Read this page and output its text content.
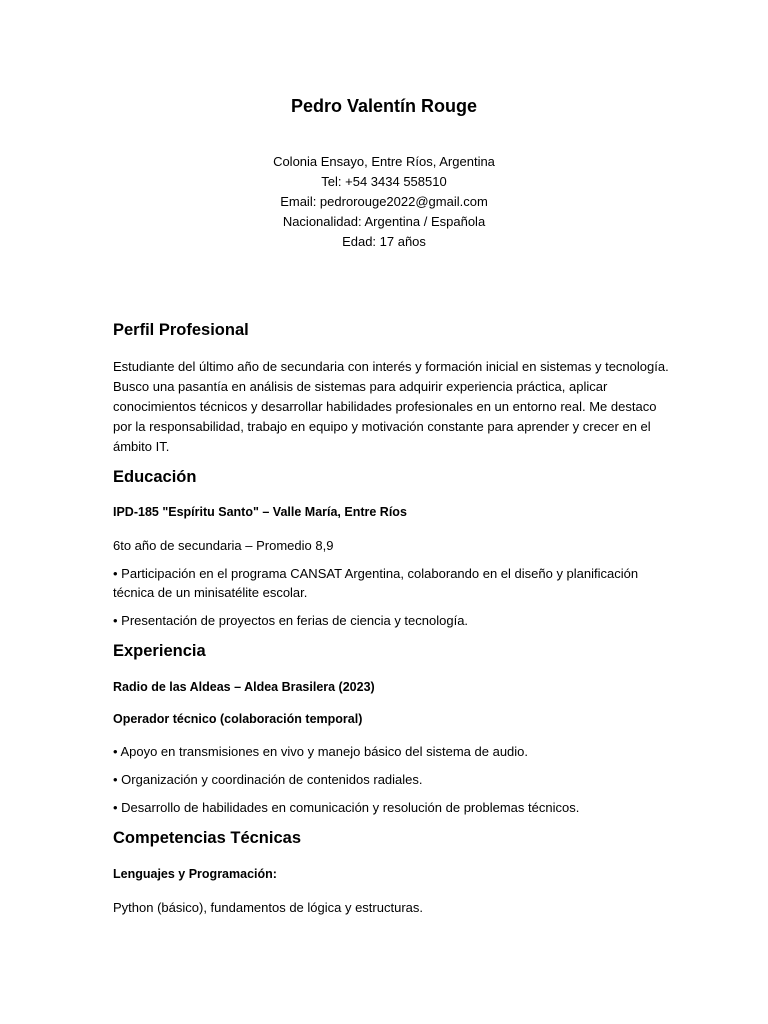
Pedro Valentín Rouge
Colonia Ensayo, Entre Ríos, Argentina
Tel: +54 3434 558510
Email: pedrorouge2022@gmail.com
Nacionalidad: Argentina / Española
Edad: 17 años
Perfil Profesional
Estudiante del último año de secundaria con interés y formación inicial en sistemas y tecnología.
Busco una pasantía en análisis de sistemas para adquirir experiencia práctica, aplicar
conocimientos técnicos y desarrollar habilidades profesionales en un entorno real. Me destaco
por la responsabilidad, trabajo en equipo y motivación constante para aprender y crecer en el
ámbito IT.
Educación
IPD-185 "Espíritu Santo" – Valle María, Entre Ríos
6to año de secundaria – Promedio 8,9
• Participación en el programa CANSAT Argentina, colaborando en el diseño y planificación
técnica de un minisatélite escolar.
• Presentación de proyectos en ferias de ciencia y tecnología.
Experiencia
Radio de las Aldeas – Aldea Brasilera (2023)
Operador técnico (colaboración temporal)
• Apoyo en transmisiones en vivo y manejo básico del sistema de audio.
• Organización y coordinación de contenidos radiales.
• Desarrollo de habilidades en comunicación y resolución de problemas técnicos.
Competencias Técnicas
Lenguajes y Programación:
Python (básico), fundamentos de lógica y estructuras.
